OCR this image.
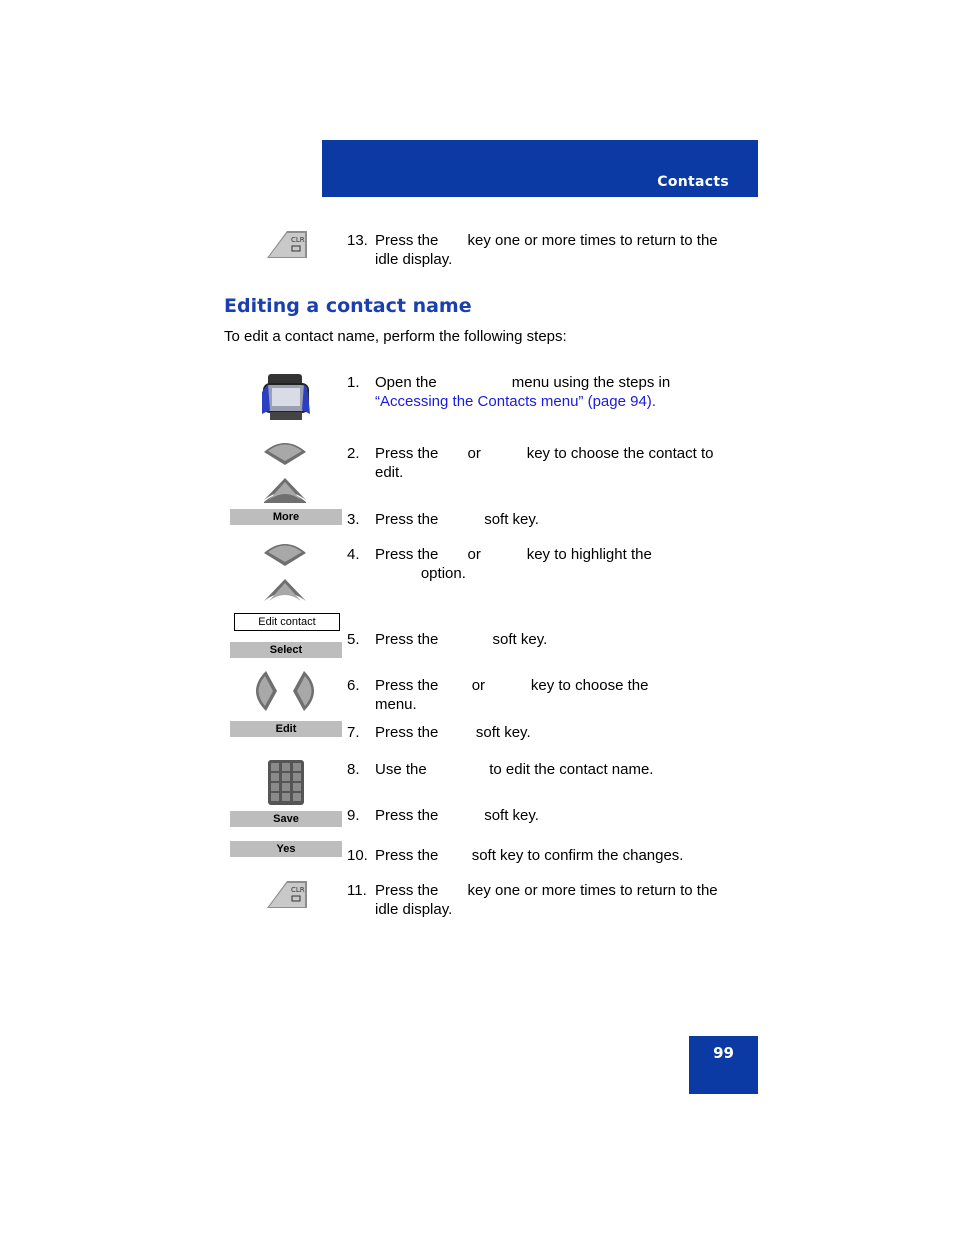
Contacts
CLR	13. Press the       key one or more times to return to the
idle display.
Editing a contact name
To edit a contact name, perform the following steps:
1. Open the                  menu using the steps in
“Accessing the Contacts menu” (page 94).
2. Press the       or           key to choose the contact to
edit.
More	3. Press the           soft key.
4. Press the       or           key to highlight the
option.
Edit contact
Select
5. Press the             soft key.
6. Press the        or           key to choose the
menu.
Edit	7. Press the         soft key.
8. Use the               to edit the contact name.
Save	9. Press the           soft key.
Yes	10. Press the        soft key to confirm the changes.
CLR	11. Press the       key one or more times to return to the
idle display.
99
